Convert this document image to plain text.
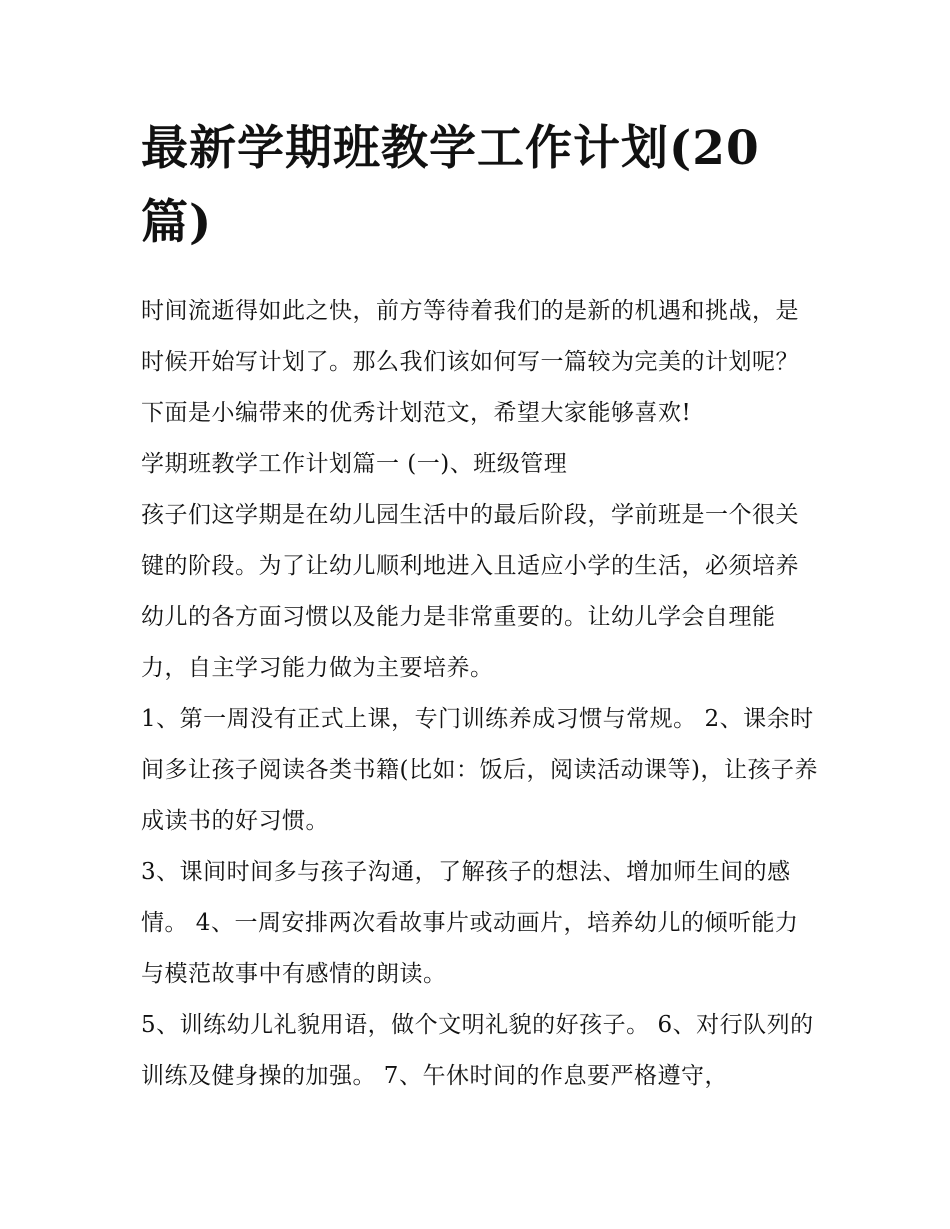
最新学期班教学工作计划(20篇)

时间流逝得如此之快，前方等待着我们的是新的机遇和挑战，是时候开始写计划了。那么我们该如何写一篇较为完美的计划呢？下面是小编带来的优秀计划范文，希望大家能够喜欢!

学期班教学工作计划篇一 (一)、班级管理

孩子们这学期是在幼儿园生活中的最后阶段，学前班是一个很关键的阶段。为了让幼儿顺利地进入且适应小学的生活，必须培养幼儿的各方面习惯以及能力是非常重要的。让幼儿学会自理能力，自主学习能力做为主要培养。

1、第一周没有正式上课，专门训练养成习惯与常规。 2、课余时间多让孩子阅读各类书籍(比如：饭后，阅读活动课等)，让孩子养成读书的好习惯。

3、课间时间多与孩子沟通，了解孩子的想法、增加师生间的感情。 4、一周安排两次看故事片或动画片，培养幼儿的倾听能力与模范故事中有感情的朗读。

5、训练幼儿礼貌用语，做个文明礼貌的好孩子。 6、对行队列的训练及健身操的加强。 7、午休时间的作息要严格遵守，
